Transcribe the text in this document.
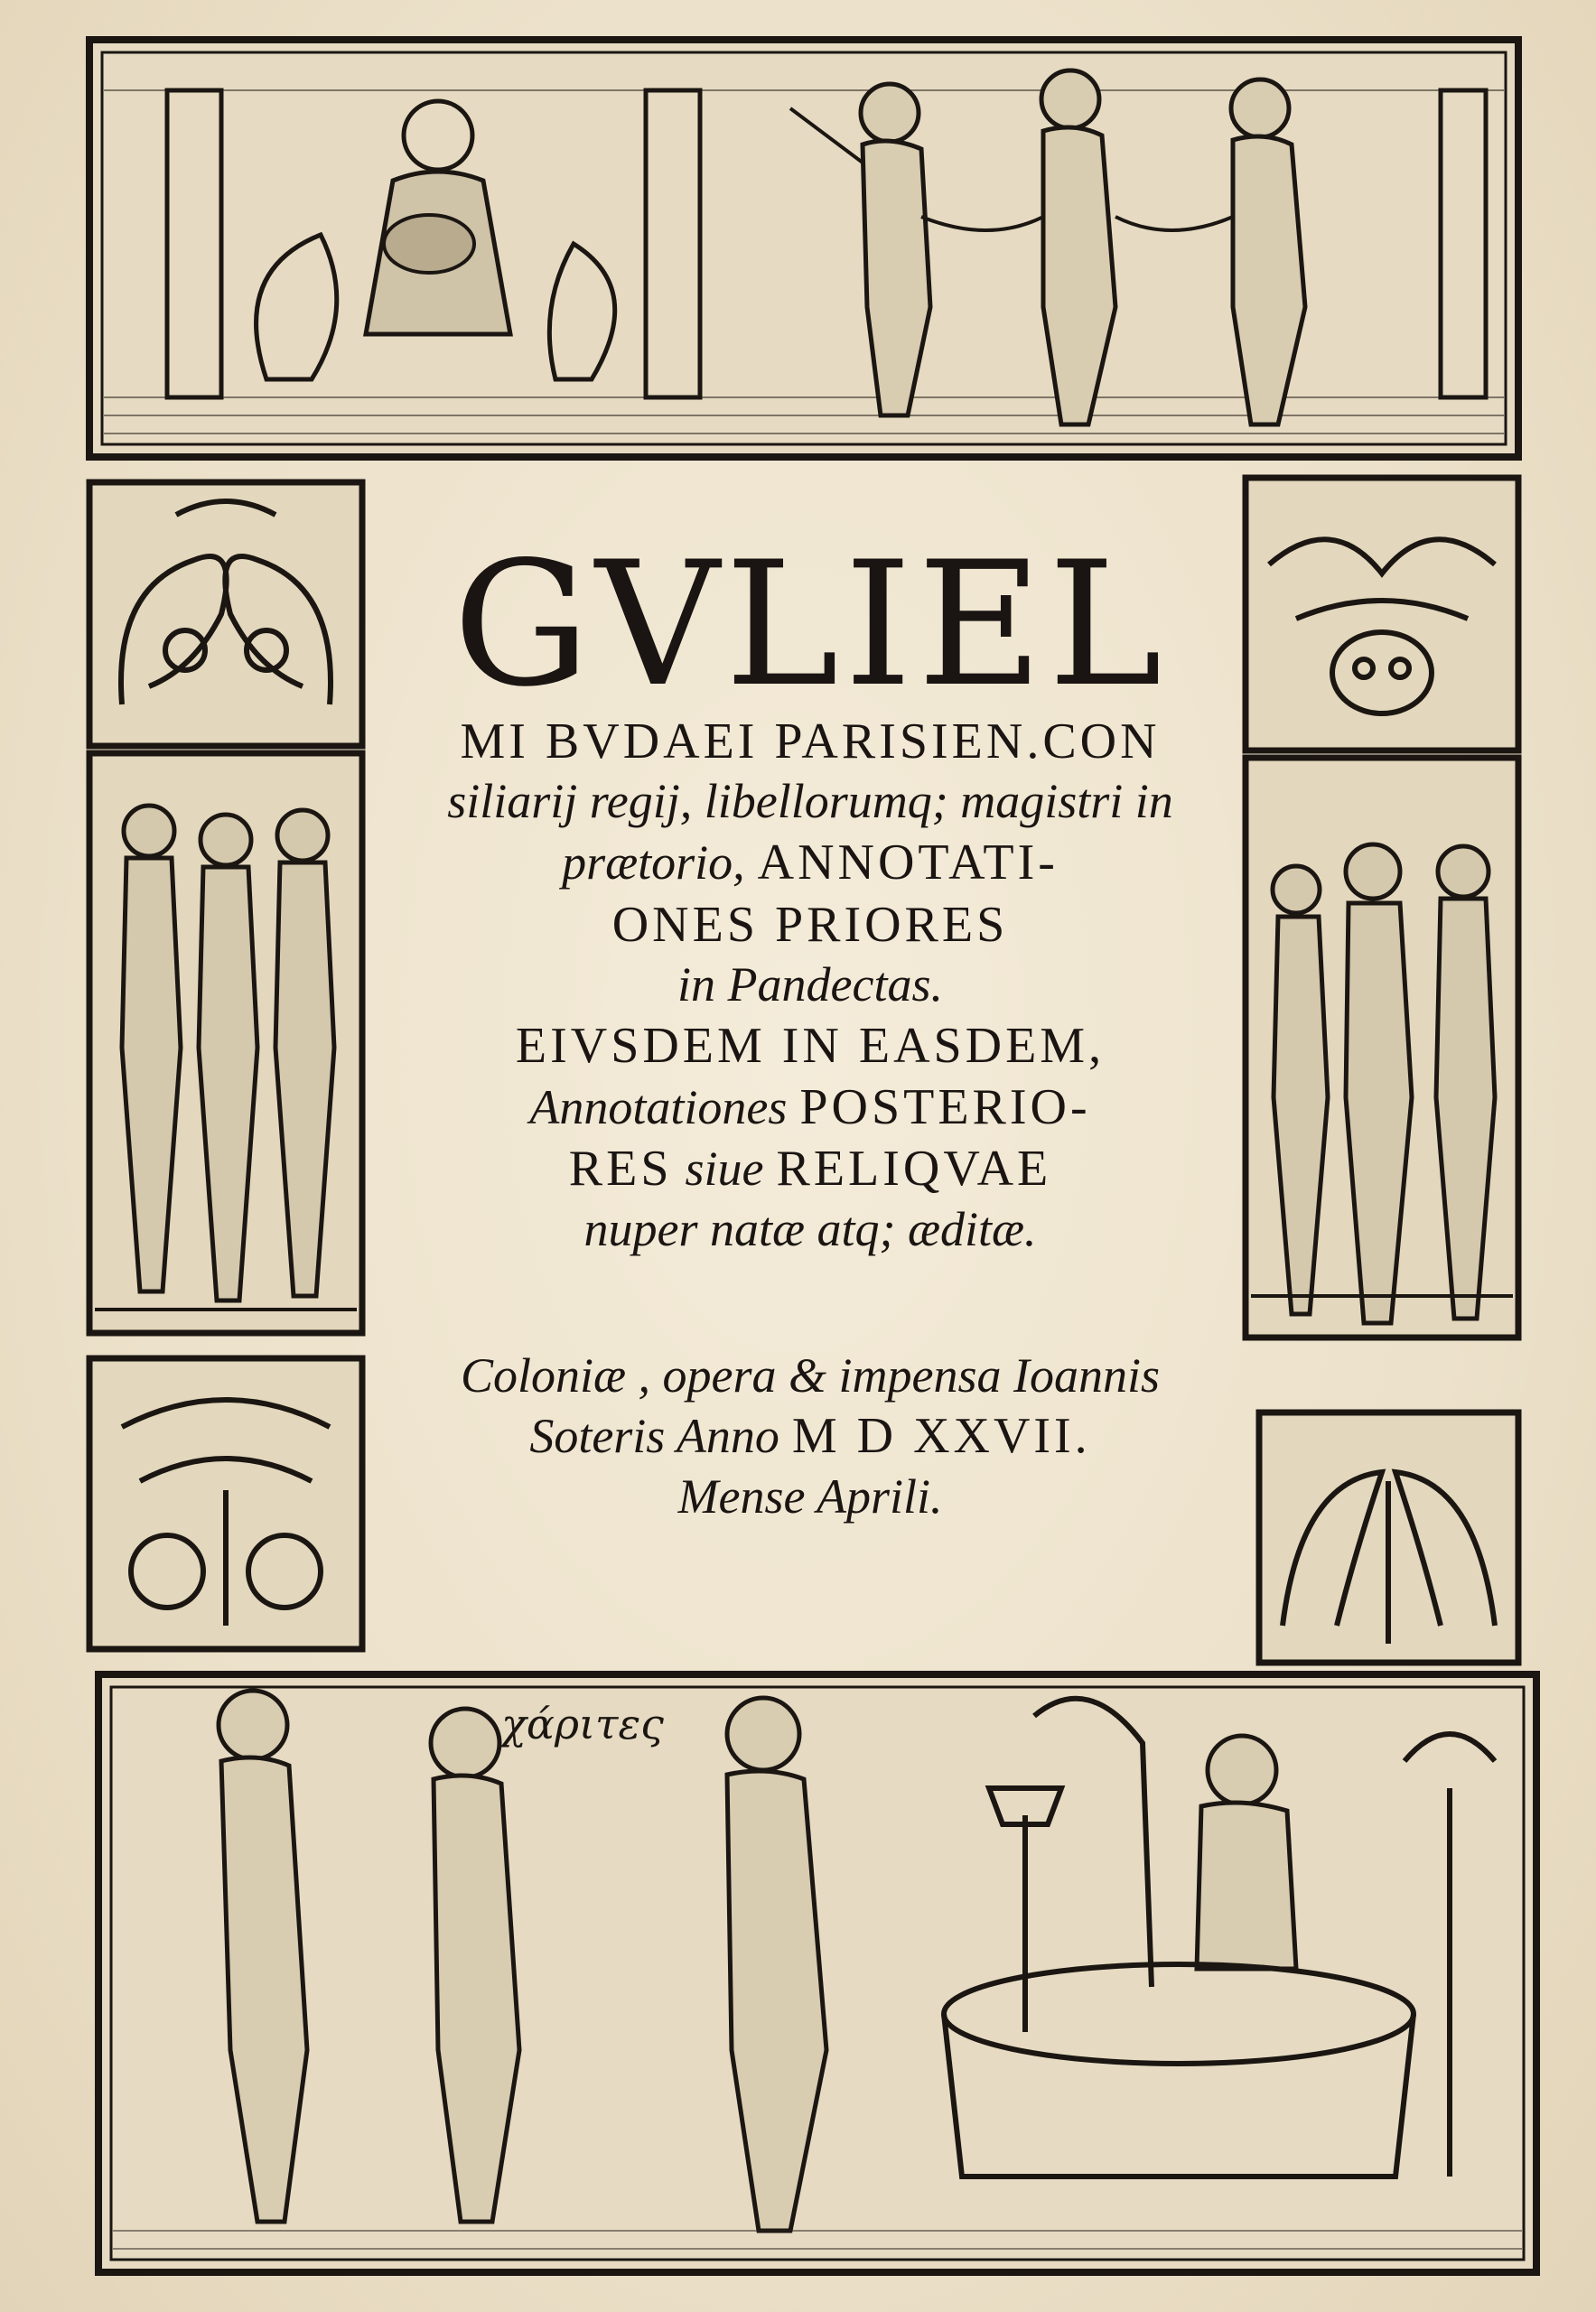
GVLIEL
MI BVDAEI PARISIEN.CON
siliarij regij, libellorumq; magistri in
prætorio, ANNOTATI-
ONES PRIORES
in Pandectas.
EIVSDEM IN EASDEM,
Annotationes POSTERIO-
RES siue RELIQVAE
nuper natæ atq; æditæ.
Coloniæ , opera & impensa Ioannis
Soteris Anno M D XXVII.
Mense Aprili.
χάριτες
